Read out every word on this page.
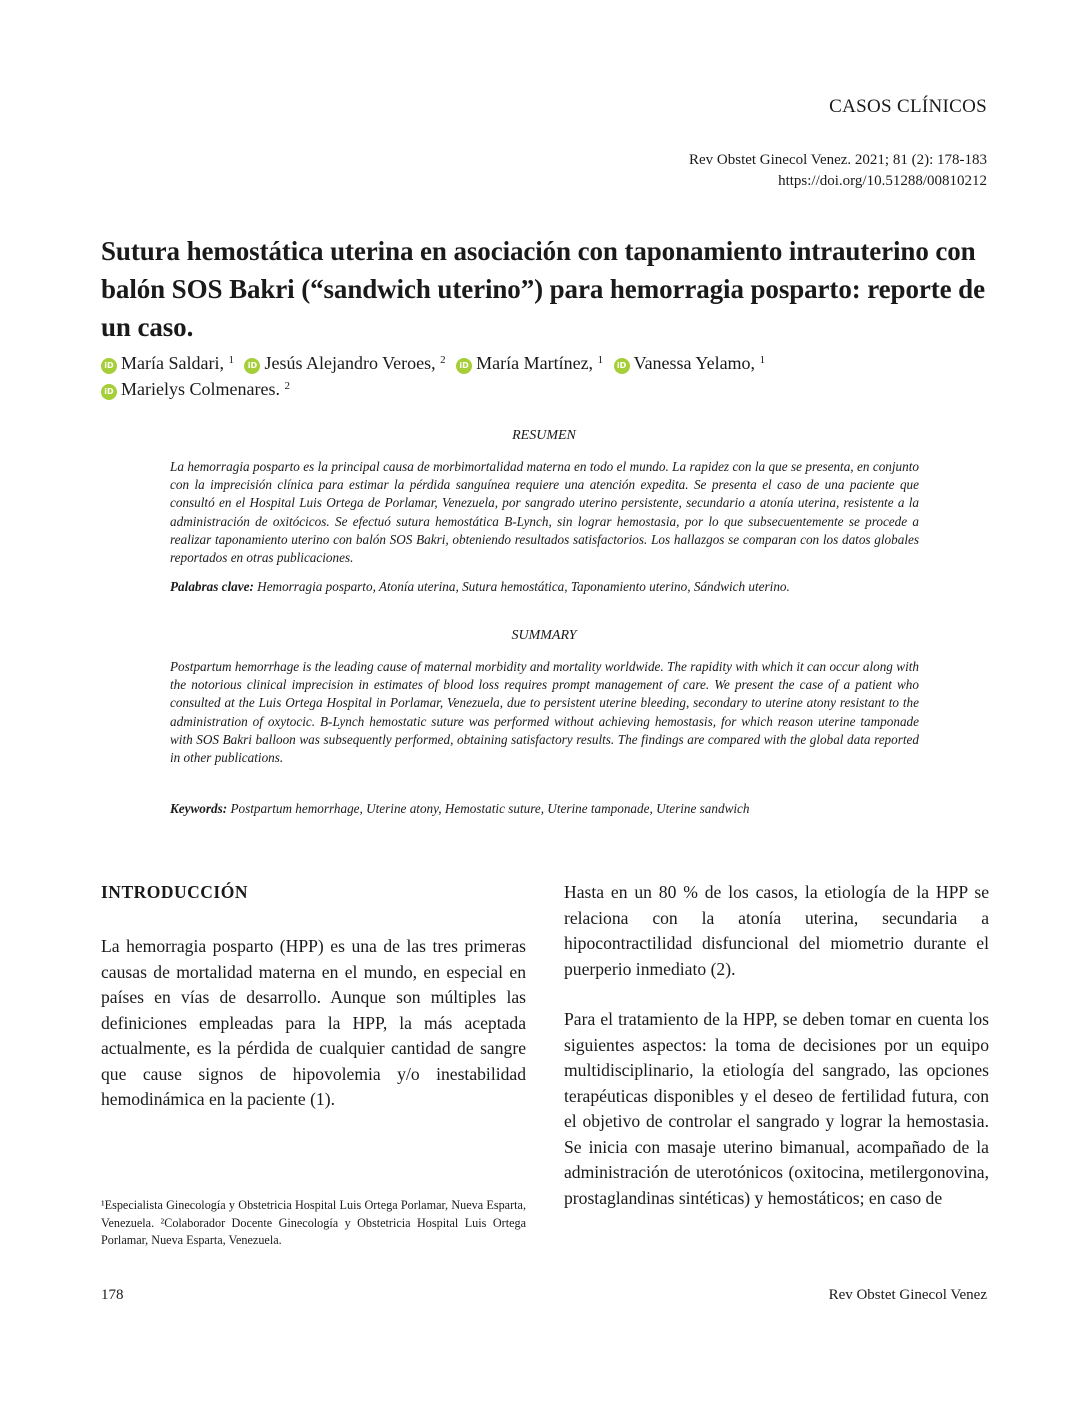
CASOS CLÍNICOS
Rev Obstet Ginecol Venez. 2021; 81 (2): 178-183
https://doi.org/10.51288/00810212
Sutura hemostática uterina en asociación con taponamiento intrauterino con balón SOS Bakri (“sandwich uterino”) para hemorragia posparto: reporte de un caso.
iD María Saldari, $^1$ iD Jesús Alejandro Veroes, $^2$ iD María Martínez, $^1$ iD Vanessa Yelamo, $^1$
iD Marielys Colmenares. $^2$
RESUMEN
La hemorragia posparto es la principal causa de morbimortalidad materna en todo el mundo. La rapidez con la que se presenta, en conjunto con la imprecisión clínica para estimar la pérdida sanguínea requiere una atención expedita. Se presenta el caso de una paciente que consultó en el Hospital Luis Ortega de Porlamar, Venezuela, por sangrado uterino persistente, secundario a atonía uterina, resistente a la administración de oxitócicos. Se efectuó sutura hemostática B-Lynch, sin lograr hemostasia, por lo que subsecuentemente se procede a realizar taponamiento uterino con balón SOS Bakri, obteniendo resultados satisfactorios. Los hallazgos se comparan con los datos globales reportados en otras publicaciones.
Palabras clave: Hemorragia posparto, Atonía uterina, Sutura hemostática, Taponamiento uterino, Sándwich uterino.
SUMMARY
Postpartum hemorrhage is the leading cause of maternal morbidity and mortality worldwide. The rapidity with which it can occur along with the notorious clinical imprecision in estimates of blood loss requires prompt management of care. We present the case of a patient who consulted at the Luis Ortega Hospital in Porlamar, Venezuela, due to persistent uterine bleeding, secondary to uterine atony resistant to the administration of oxytocic. B-Lynch hemostatic suture was performed without achieving hemostasis, for which reason uterine tamponade with SOS Bakri balloon was subsequently performed, obtaining satisfactory results. The findings are compared with the global data reported in other publications.
Keywords: Postpartum hemorrhage, Uterine atony, Hemostatic suture, Uterine tamponade, Uterine sandwich
INTRODUCCIÓN

La hemorragia posparto (HPP) es una de las tres primeras causas de mortalidad materna en el mundo, en especial en países en vías de desarrollo. Aunque son múltiples las definiciones empleadas para la HPP, la más aceptada actualmente, es la pérdida de cualquier cantidad de sangre que cause signos de hipovolemia y/o inestabilidad hemodinámica en la paciente (1).

Hasta en un 80 % de los casos, la etiología de la HPP se relaciona con la atonía uterina, secundaria a hipocontractilidad disfuncional del miometrio durante el puerperio inmediato (2).

Para el tratamiento de la HPP, se deben tomar en cuenta los siguientes aspectos: la toma de decisiones por un equipo multidisciplinario, la etiología del sangrado, las opciones terapéuticas disponibles y el deseo de fertilidad futura, con el objetivo de controlar el sangrado y lograr la hemostasia. Se inicia con masaje uterino bimanual, acompañado de la administración de uterotónicos (oxitocina, metilergonovina, prostaglandinas sintéticas) y hemostáticos; en caso de

¹Especialista Ginecología y Obstetricia Hospital Luis Ortega Porlamar, Nueva Esparta, Venezuela. ²Colaborador Docente Ginecología y Obstetricia Hospital Luis Ortega Porlamar, Nueva Esparta, Venezuela.
178	Rev Obstet Ginecol Venez
